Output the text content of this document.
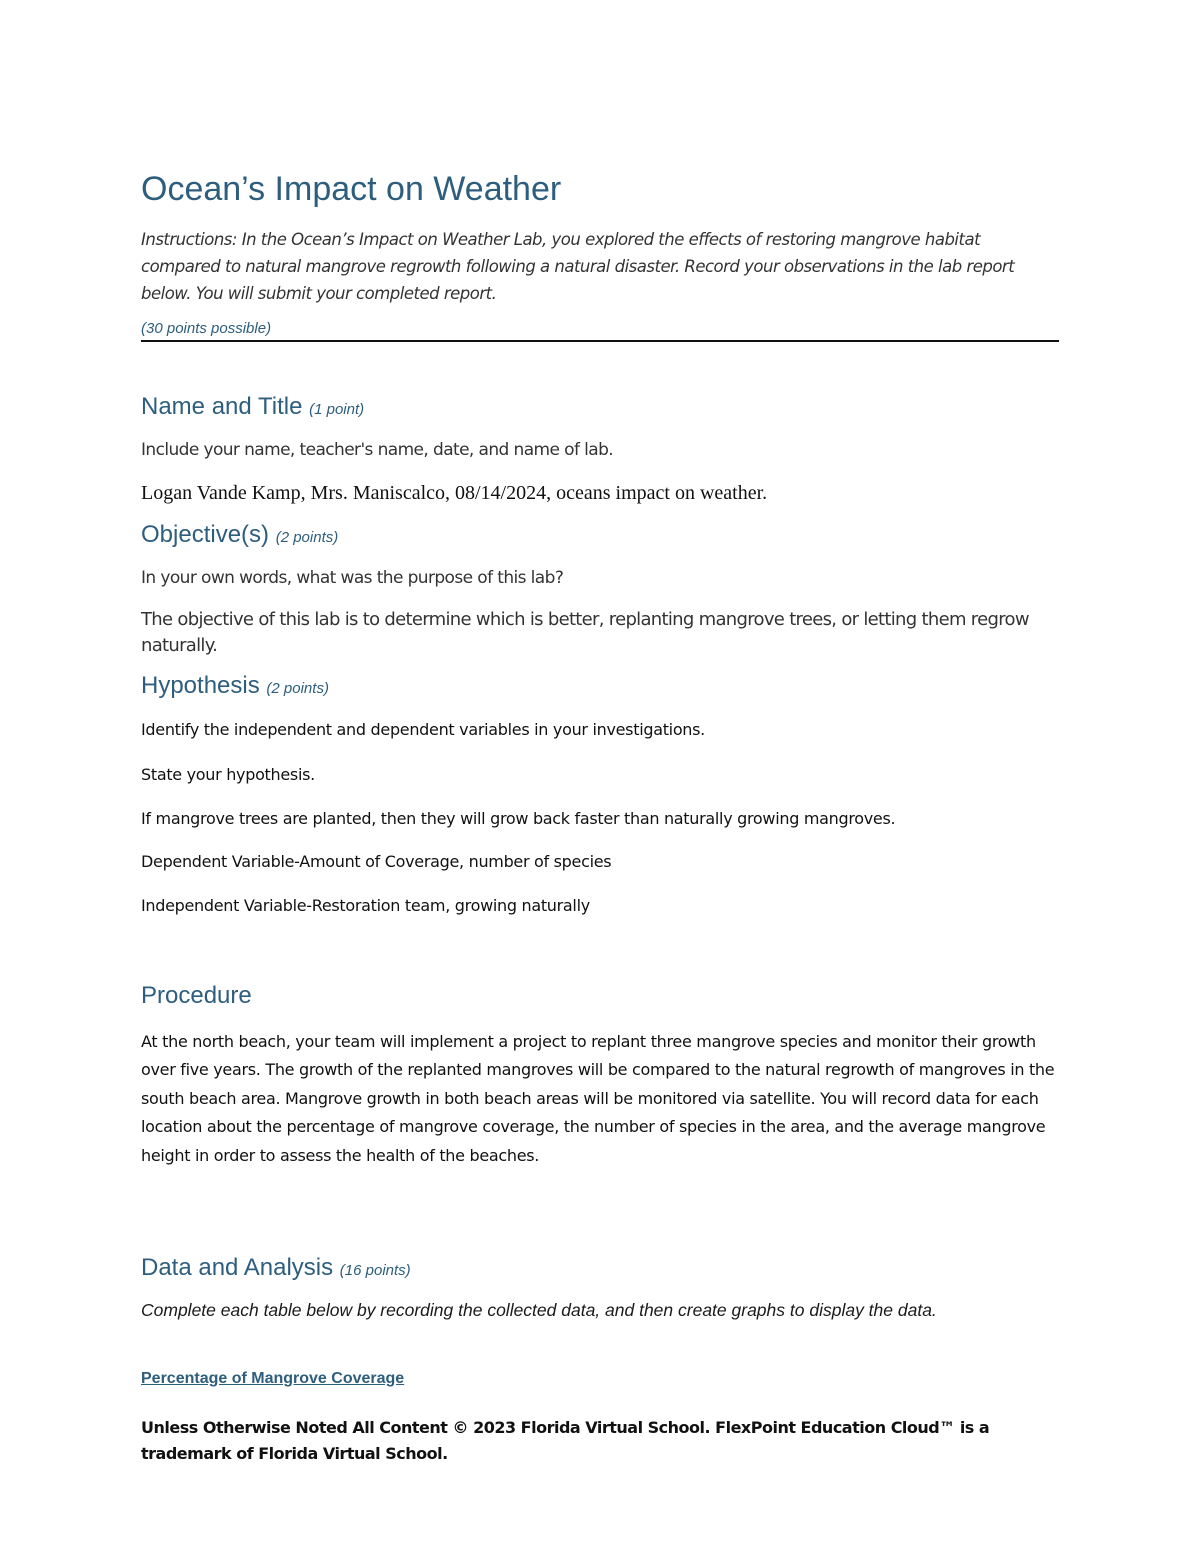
Ocean’s Impact on Weather

Instructions: In the Ocean’s Impact on Weather Lab, you explored the effects of restoring mangrove habitat compared to natural mangrove regrowth following a natural disaster. Record your observations in the lab report below. You will submit your completed report.

(30 points possible)

Name and Title (1 point)

Include your name, teacher's name, date, and name of lab.

Logan Vande Kamp, Mrs. Maniscalco, 08/14/2024, oceans impact on weather.

Objective(s) (2 points)

In your own words, what was the purpose of this lab?

The objective of this lab is to determine which is better, replanting mangrove trees, or letting them regrow naturally.

Hypothesis (2 points)

Identify the independent and dependent variables in your investigations.

State your hypothesis.

If mangrove trees are planted, then they will grow back faster than naturally growing mangroves.

Dependent Variable-Amount of Coverage, number of species

Independent Variable-Restoration team, growing naturally

Procedure

At the north beach, your team will implement a project to replant three mangrove species and monitor their growth over five years. The growth of the replanted mangroves will be compared to the natural regrowth of mangroves in the south beach area. Mangrove growth in both beach areas will be monitored via satellite. You will record data for each location about the percentage of mangrove coverage, the number of species in the area, and the average mangrove height in order to assess the health of the beaches.

Data and Analysis (16 points)

Complete each table below by recording the collected data, and then create graphs to display the data.

Percentage of Mangrove Coverage

Unless Otherwise Noted All Content © 2023 Florida Virtual School. FlexPoint Education Cloud™ is a trademark of Florida Virtual School.
